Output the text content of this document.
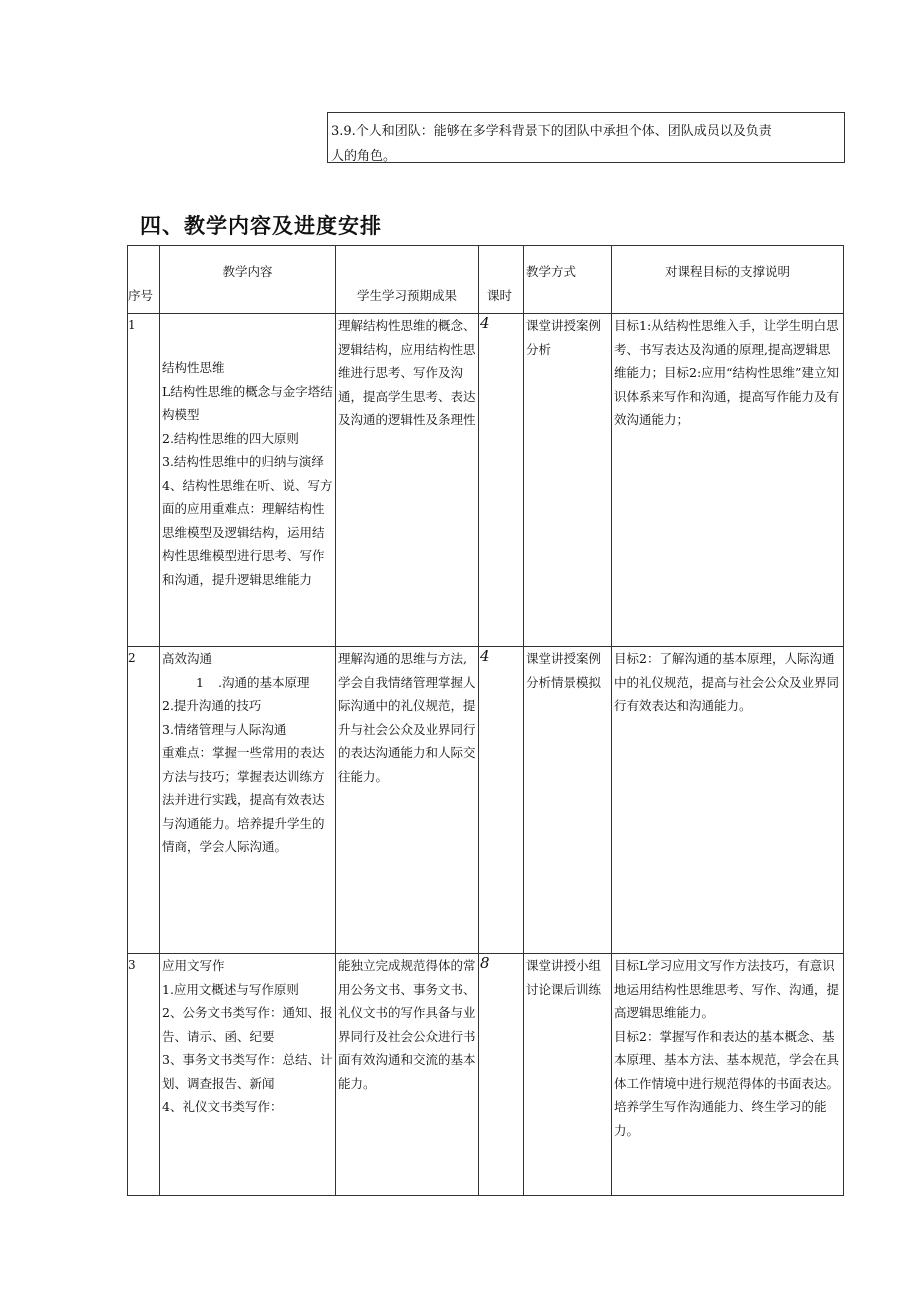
3.9.个人和团队：能够在多学科背景下的团队中承担个体、团队成员以及负责
人的角色。
四、教学内容及进度安排
序号	教学内容	学生学习预期成果	课时	教学方式	对课程目标的支撑说明
1	结构性思维
L结构性思维的概念与金字塔结构模型
2.结构性思维的四大原则
3.结构性思维中的归纳与演绎
4、结构性思维在听、说、写方面的应用重难点：理解结构性思维模型及逻辑结构，运用结构性思维模型进行思考、写作和沟通，提升逻辑思维能力	理解结构性思维的概念、逻辑结构，应用结构性思维进行思考、写作及沟通，提高学生思考、表达及沟通的逻辑性及条理性	4	课堂讲授案例分析	目标1:从结构性思维入手，让学生明白思考、书写表达及沟通的原理,提高逻辑思维能力；目标2:应用“结构性思维”建立知识体系来写作和沟通，提高写作能力及有效沟通能力；
2	高效沟通
1 .沟通的基本原理
2.提升沟通的技巧
3.情绪管理与人际沟通
重难点：掌握一些常用的表达方法与技巧；掌握表达训练方法并进行实践，提高有效表达与沟通能力。培养提升学生的情商，学会人际沟通。	理解沟通的思维与方法,学会自我情绪管理掌握人际沟通中的礼仪规范，提升与社会公众及业界同行的表达沟通能力和人际交往能力。	4	课堂讲授案例分析情景模拟	目标2：了解沟通的基本原理，人际沟通中的礼仪规范，提高与社会公众及业界同行有效表达和沟通能力。
3	应用文写作
1.应用文概述与写作原则
2、公务文书类写作：通知、报告、请示、函、纪要
3、事务文书类写作：总结、计划、调查报告、新闻
4、礼仪文书类写作：	能独立完成规范得体的常用公务文书、事务文书、礼仪文书的写作具备与业界同行及社会公众进行书面有效沟通和交流的基本能力。	8	课堂讲授小组讨论课后训练	目标L学习应用文写作方法技巧，有意识地运用结构性思维思考、写作、沟通，提高逻辑思维能力。
目标2：掌握写作和表达的基本概念、基本原理、基本方法、基本规范，学会在具体工作情境中进行规范得体的书面表达。培养学生写作沟通能力、终生学习的能力。
